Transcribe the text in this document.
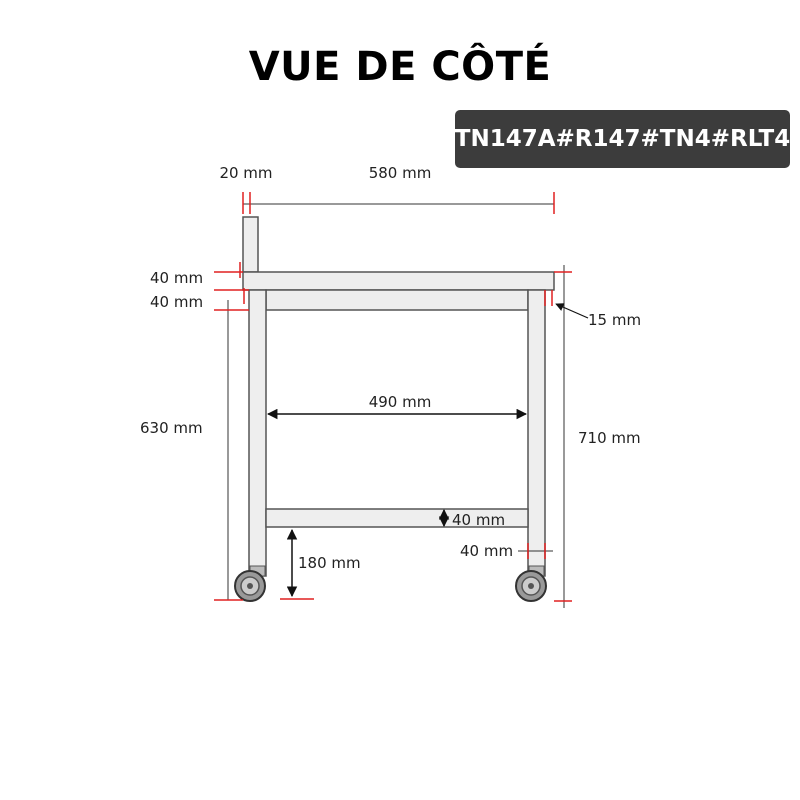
VUE DE CÔTÉ
TN147A#R147#TN4#RLT4
20 mm	580 mm
40 mm
40 mm
630 mm
15 mm
710 mm
490 mm
40 mm
40 mm
180 mm
